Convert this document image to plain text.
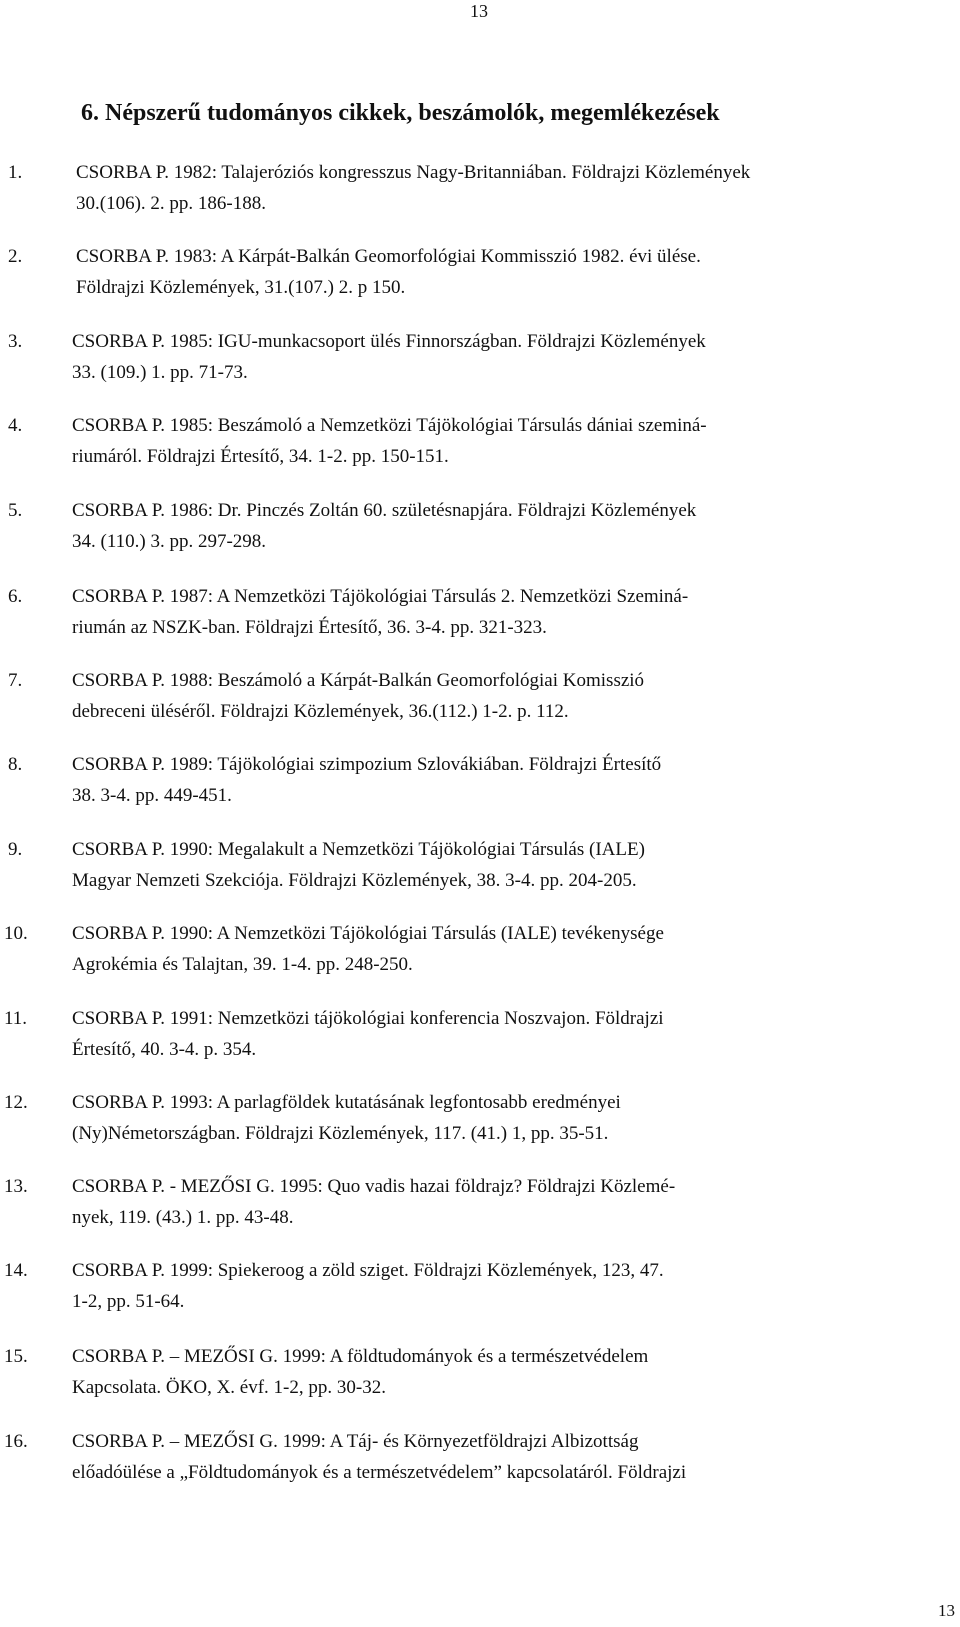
13
6. Népszerű tudományos cikkek, beszámolók, megemlékezések
1.	CSORBA P. 1982: Talajeróziós kongresszus Nagy-Britanniában. Földrajzi Közlemények
30.(106). 2. pp. 186-188.
2.	CSORBA P. 1983: A Kárpát-Balkán Geomorfológiai Kommisszió 1982. évi ülése.
Földrajzi Közlemények, 31.(107.) 2. p 150.
3.	CSORBA P. 1985: IGU-munkacsoport ülés Finnországban. Földrajzi Közlemények
33. (109.) 1. pp. 71-73.
4.	CSORBA P. 1985: Beszámoló a Nemzetközi Tájökológiai Társulás dániai szeminá-
riumáról. Földrajzi Értesítő, 34. 1-2. pp. 150-151.
5.	CSORBA P. 1986: Dr. Pinczés Zoltán 60. születésnapjára. Földrajzi Közlemények
34. (110.) 3. pp. 297-298.
6.	CSORBA P. 1987: A Nemzetközi Tájökológiai Társulás 2. Nemzetközi Szeminá-
riumán az NSZK-ban. Földrajzi Értesítő, 36. 3-4. pp. 321-323.
7.	CSORBA P. 1988: Beszámoló a Kárpát-Balkán Geomorfológiai Komisszió
debreceni üléséről. Földrajzi Közlemények, 36.(112.) 1-2. p. 112.
8.	CSORBA P. 1989: Tájökológiai szimpozium Szlovákiában. Földrajzi Értesítő
38. 3-4. pp. 449-451.
9.	CSORBA P. 1990: Megalakult a Nemzetközi Tájökológiai Társulás (IALE)
Magyar Nemzeti Szekciója. Földrajzi Közlemények, 38. 3-4. pp. 204-205.
10. CSORBA P. 1990: A Nemzetközi Tájökológiai Társulás (IALE) tevékenysége
Agrokémia és Talajtan, 39. 1-4. pp. 248-250.
11. CSORBA P. 1991: Nemzetközi tájökológiai konferencia Noszvajon. Földrajzi
Értesítő, 40. 3-4. p. 354.
12. CSORBA P. 1993: A parlagföldek kutatásának legfontosabb eredményei
(Ny)Németországban. Földrajzi Közlemények, 117. (41.) 1, pp. 35-51.
13. CSORBA P. - MEZŐSI G. 1995: Quo vadis hazai földrajz? Földrajzi Közlemé-
nyek, 119. (43.) 1. pp. 43-48.
14. CSORBA P. 1999: Spiekeroog a zöld sziget. Földrajzi Közlemények, 123, 47.
1-2, pp. 51-64.
15. CSORBA P. – MEZŐSI G. 1999: A földtudományok és a természetvédelem
Kapcsolata. ÖKO, X. évf. 1-2, pp. 30-32.
16. CSORBA P. – MEZŐSI G. 1999: A Táj- és Környezetföldrajzi Albizottság
előadóülése a „Földtudományok és a természetvédelem” kapcsolatáról. Földrajzi
13
